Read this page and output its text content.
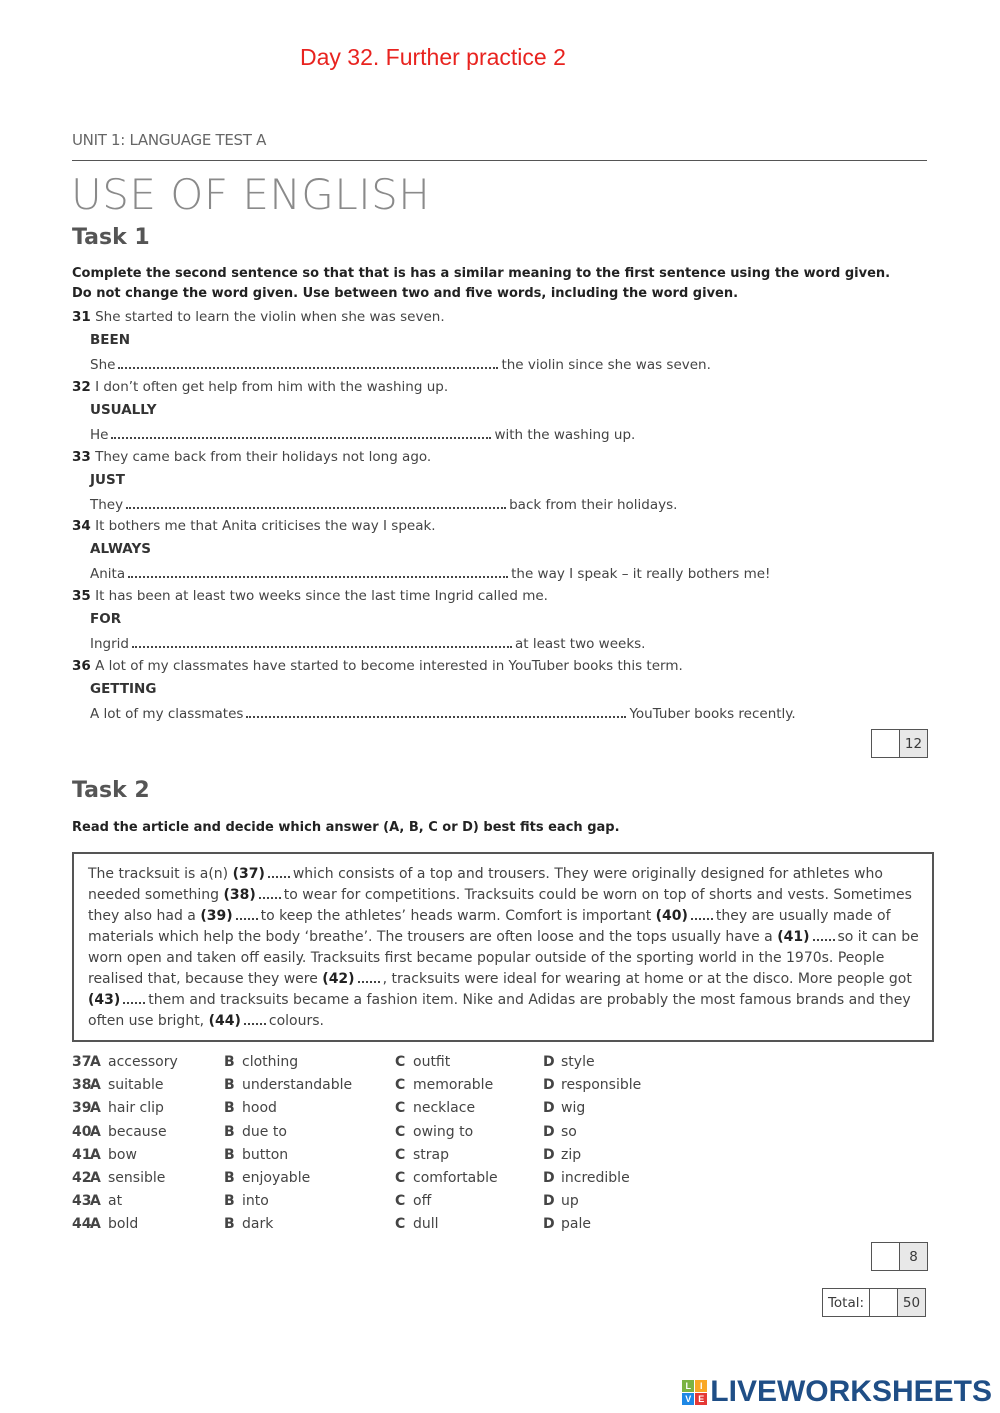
Day 32. Further practice 2
UNIT 1: LANGUAGE TEST A
USE OF ENGLISH
Task 1
Complete the second sentence so that that is has a similar meaning to the first sentence using the word given.
Do not change the word given. Use between two and five words, including the word given.
31 She started to learn the violin when she was seven.
BEEN
She	the violin since she was seven.
32 I don’t often get help from him with the washing up.
USUALLY
He	with the washing up.
33 They came back from their holidays not long ago.
JUST
They	back from their holidays.
34 It bothers me that Anita criticises the way I speak.
ALWAYS
Anita	the way I speak – it really bothers me!
35 It has been at least two weeks since the last time Ingrid called me.
FOR
Ingrid	at least two weeks.
36 A lot of my classmates have started to become interested in YouTuber books this term.
GETTING
A lot of my classmates	YouTuber books recently.
12
Task 2
Read the article and decide which answer (A, B, C or D) best fits each gap.
The tracksuit is a(n) (37) which consists of a top and trousers. They were originally designed for athletes who needed something (38) to wear for competitions. Tracksuits could be worn on top of shorts and vests. Sometimes they also had a (39) to keep the athletes’ heads warm. Comfort is important (40) they are usually made of materials which help the body ‘breathe’. The trousers are often loose and the tops usually have a (41) so it can be worn open and taken off easily. Tracksuits first became popular outside of the sporting world in the 1970s. People realised that, because they were (42) , tracksuits were ideal for wearing at home or at the disco. More people got (43) them and tracksuits became a fashion item. Nike and Adidas are probably the most famous brands and they often use bright, (44) colours.
37
A accessory	B clothing	C outfit	D style
38
A suitable	B understandable	C memorable	D responsible
39
A hair clip	B hood	C necklace	D wig
40
A because	B due to	C owing to	D so
41
A bow	B button	C strap	D zip
42
A sensible	B enjoyable	C comfortable	D incredible
43
A at	B into	C off	D up
44
A bold	B dark	C dull	D pale
8
Total:	50
L I
V E LIVEWORKSHEETS
